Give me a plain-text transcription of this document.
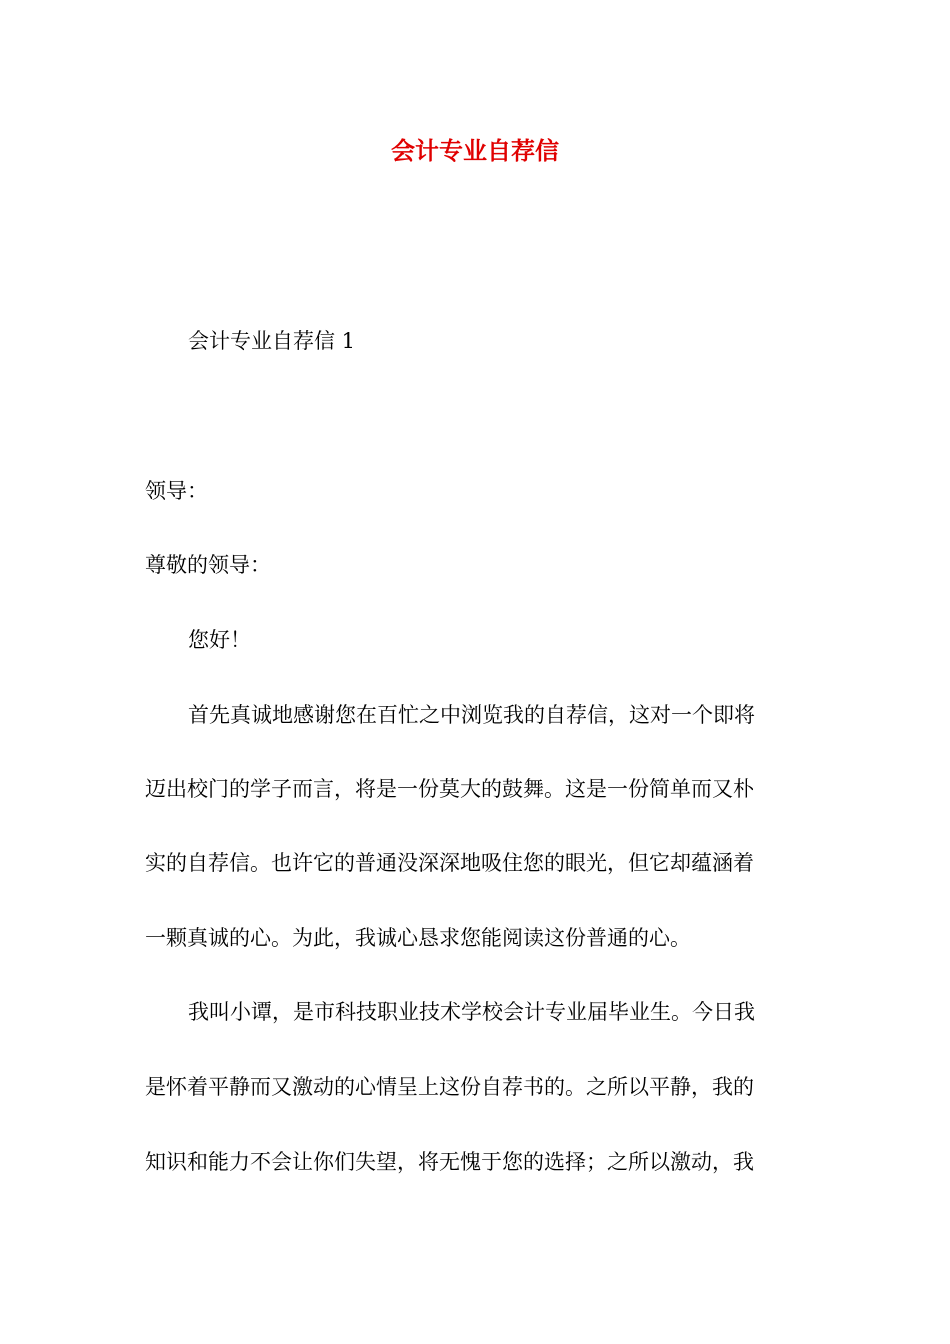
会计专业自荐信
会计专业自荐信 1
领导：
尊敬的领导：
您好！
首先真诚地感谢您在百忙之中浏览我的自荐信，这对一个即将
迈出校门的学子而言，将是一份莫大的鼓舞。这是一份简单而又朴
实的自荐信。也许它的普通没深深地吸住您的眼光，但它却蕴涵着
一颗真诚的心。为此，我诚心恳求您能阅读这份普通的心。
我叫小谭，是市科技职业技术学校会计专业届毕业生。今日我
是怀着平静而又激动的心情呈上这份自荐书的。之所以平静，我的
知识和能力不会让你们失望，将无愧于您的选择；之所以激动，我
